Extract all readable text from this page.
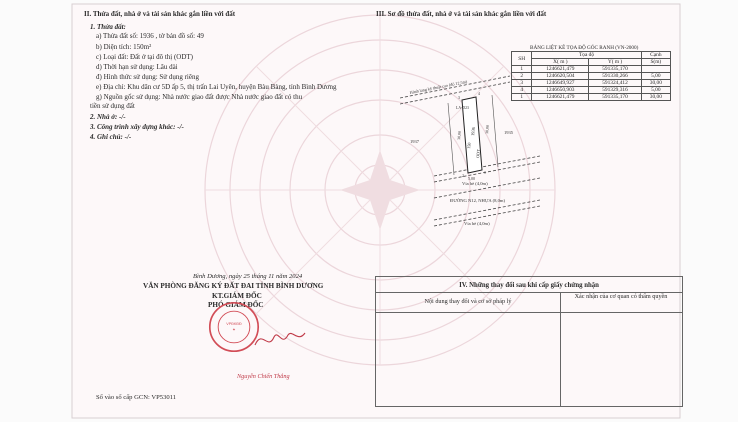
II. Thửa đất, nhà ở và tài sản khác gắn liền với đất
1. Thửa đất:
a) Thửa đất số: 1936 , tờ bản đồ số: 49
b) Diện tích: 150m²
c) Loại đất: Đất ở tại đô thị (ODT)
d) Thời hạn sử dụng: Lâu dài
đ) Hình thức sử dụng: Sử dụng riêng
e) Địa chỉ: Khu dân cư 5D ấp 5, thị trấn Lai Uyên, huyện Bàu Bàng, tỉnh Bình Dương
g) Nguồn gốc sử dụng: Nhà nước giao đất được Nhà nước giao đất có thu
tiền sử dụng đất
2. Nhà ở: -/-
3. Công trình xây dựng khác: -/-
4. Ghi chú: -/-
III. Sơ đồ thửa đất, nhà ở và tài sản khác gắn liền với đất
BẢNG LIỆT KÊ TỌA ĐỘ GÓC RANH (VN-2000)
SH	Tọa độ		Cạnh
	X( m )	Y( m )	S(m)
1	1246621,479	591335,170	
2	1246620,504	591330,266	5,00
3	1246649,927	591324,412	30,00
4	1246650,903	591329,316	5,00
1	1246621,479	591335,170	30,00
Hành lang kỹ thuật cao (độ 12,5m)
1937
1935
LA-D23
1936
150
ODT
30,00
30,00
5,00
1
2
3
4
Vỉa hè (4,0m)
ĐƯỜNG N12, NHỰA (8,0m)
Vỉa hè (4,0m)
Bình Dương, ngày 25 tháng 11 năm 2024
VĂN PHÒNG ĐĂNG KÝ ĐẤT ĐAI TỈNH BÌNH DƯƠNG
KT.GIÁM ĐỐC
PHÓ GIÁM ĐỐC
VPĐKĐĐ
★
Nguyễn Chiến Thắng
Số vào sổ cấp GCN: VP53011
IV. Những thay đổi sau khi cấp giấy chứng nhận
Nội dung thay đổi và cơ sở pháp lý
Xác nhận của cơ quan có thẩm quyền
